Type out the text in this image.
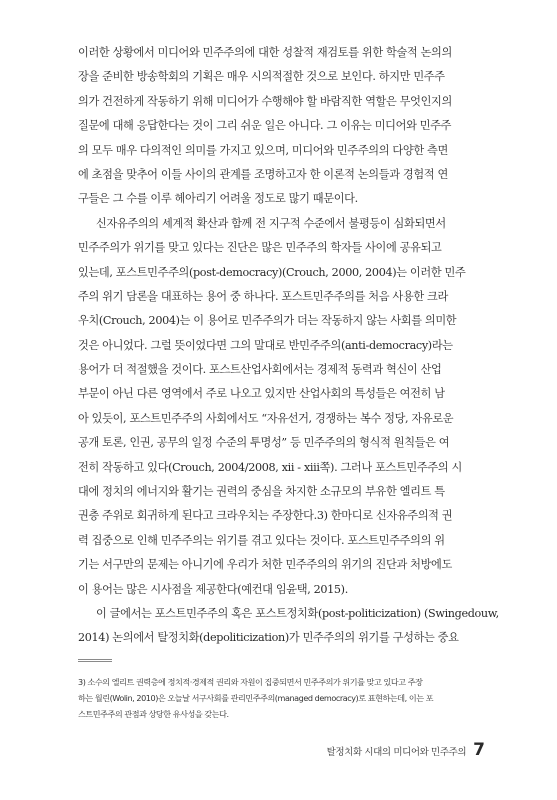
이러한 상황에서 미디어와 민주주의에 대한 성찰적 재검토를 위한 학술적 논의의
장을 준비한 방송학회의 기획은 매우 시의적절한 것으로 보인다. 하지만 민주주
의가 건전하게 작동하기 위해 미디어가 수행해야 할 바람직한 역할은 무엇인지의
질문에 대해 응답한다는 것이 그리 쉬운 일은 아니다. 그 이유는 미디어와 민주주
의 모두 매우 다의적인 의미를 가지고 있으며, 미디어와 민주주의의 다양한 측면
에 초점을 맞추어 이들 사이의 관계를 조명하고자 한 이론적 논의들과 경험적 연
구들은 그 수를 이루 헤아리기 어려울 정도로 많기 때문이다.

신자유주의의 세계적 확산과 함께 전 지구적 수준에서 불평등이 심화되면서
민주주의가 위기를 맞고 있다는 진단은 많은 민주주의 학자들 사이에 공유되고
있는데, 포스트민주주의(post-democracy)(Crouch, 2000, 2004)는 이러한 민주
주의 위기 담론을 대표하는 용어 중 하나다. 포스트민주주의를 처음 사용한 크라
우치(Crouch, 2004)는 이 용어로 민주주의가 더는 작동하지 않는 사회를 의미한
것은 아니었다. 그럴 뜻이었다면 그의 말대로 반민주주의(anti-democracy)라는
용어가 더 적절했을 것이다. 포스트산업사회에서는 경제적 동력과 혁신이 산업
부문이 아닌 다른 영역에서 주로 나오고 있지만 산업사회의 특성들은 여전히 남
아 있듯이, 포스트민주주의 사회에서도 “자유선거, 경쟁하는 복수 정당, 자유로운
공개 토론, 인권, 공무의 일정 수준의 투명성” 등 민주주의의 형식적 원칙들은 여
전히 작동하고 있다(Crouch, 2004/2008, xii - xiii쪽). 그러나 포스트민주주의 시
대에 정치의 에너지와 활기는 권력의 중심을 차지한 소규모의 부유한 엘리트 특
권층 주위로 회귀하게 된다고 크라우치는 주장한다.3) 한마디로 신자유주의적 권
력 집중으로 인해 민주주의는 위기를 겪고 있다는 것이다. 포스트민주주의의 위
기는 서구만의 문제는 아니기에 우리가 처한 민주주의의 위기의 진단과 처방에도
이 용어는 많은 시사점을 제공한다(예컨대 임윤택, 2015).

이 글에서는 포스트민주주의 혹은 포스트정치화(post-politicization) (Swingedouw,
2014) 논의에서 탈정치화(depoliticization)가 민주주의의 위기를 구성하는 중요

3) 소수의 엘리트 권력층에 정치적·경제적 권리와 자원이 집중되면서 민주주의가 위기를 맞고 있다고 주장
하는 월린(Wolin, 2010)은 오늘날 서구사회를 관리민주주의(managed democracy)로 표현하는데, 이는 포
스트민주주의 관점과 상당한 유사성을 갖는다.
탈정치화 시대의 미디어와 민주주의 7
